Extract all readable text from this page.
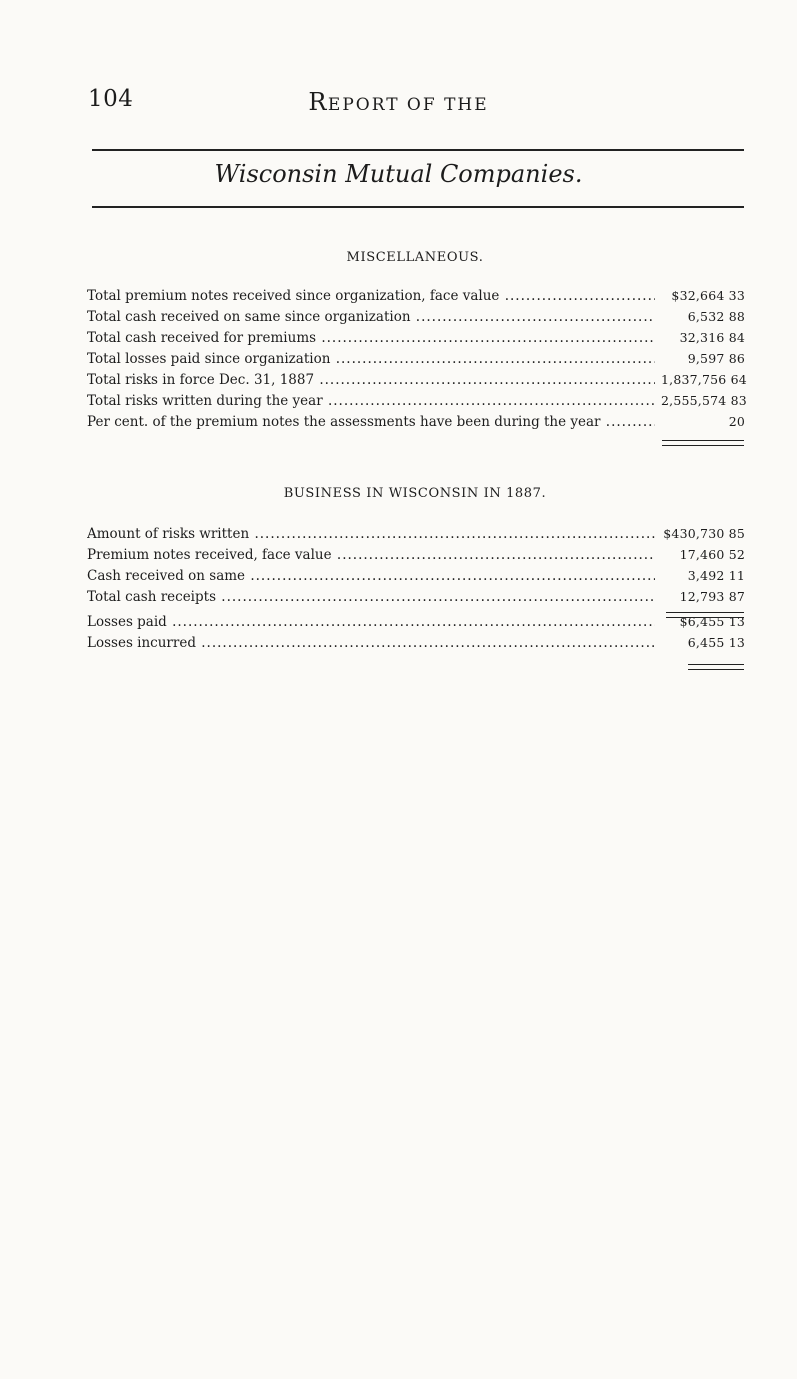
104	REPORT OF THE
Wisconsin Mutual Companies.
MISCELLANEOUS.
Total premium notes received since organization, face value .....	$32,664 33
Total cash received on same since organization .....	6,532 88
Total cash received for premiums .....	32,316 84
Total losses paid since organization .....	9,597 86
Total risks in force Dec. 31, 1887 .....	1,837,756 64
Total risks written during the year .....	2,555,574 83
Per cent. of the premium notes the assessments have been during the year .....	20
BUSINESS IN WISCONSIN IN 1887.
Amount of risks written .....	$430,730 85
Premium notes received, face value .....	17,460 52
Cash received on same .....	3,492 11
Total cash receipts .....	12,793 87
Losses paid .....	$6,455 13
Losses incurred .....	6,455 13
